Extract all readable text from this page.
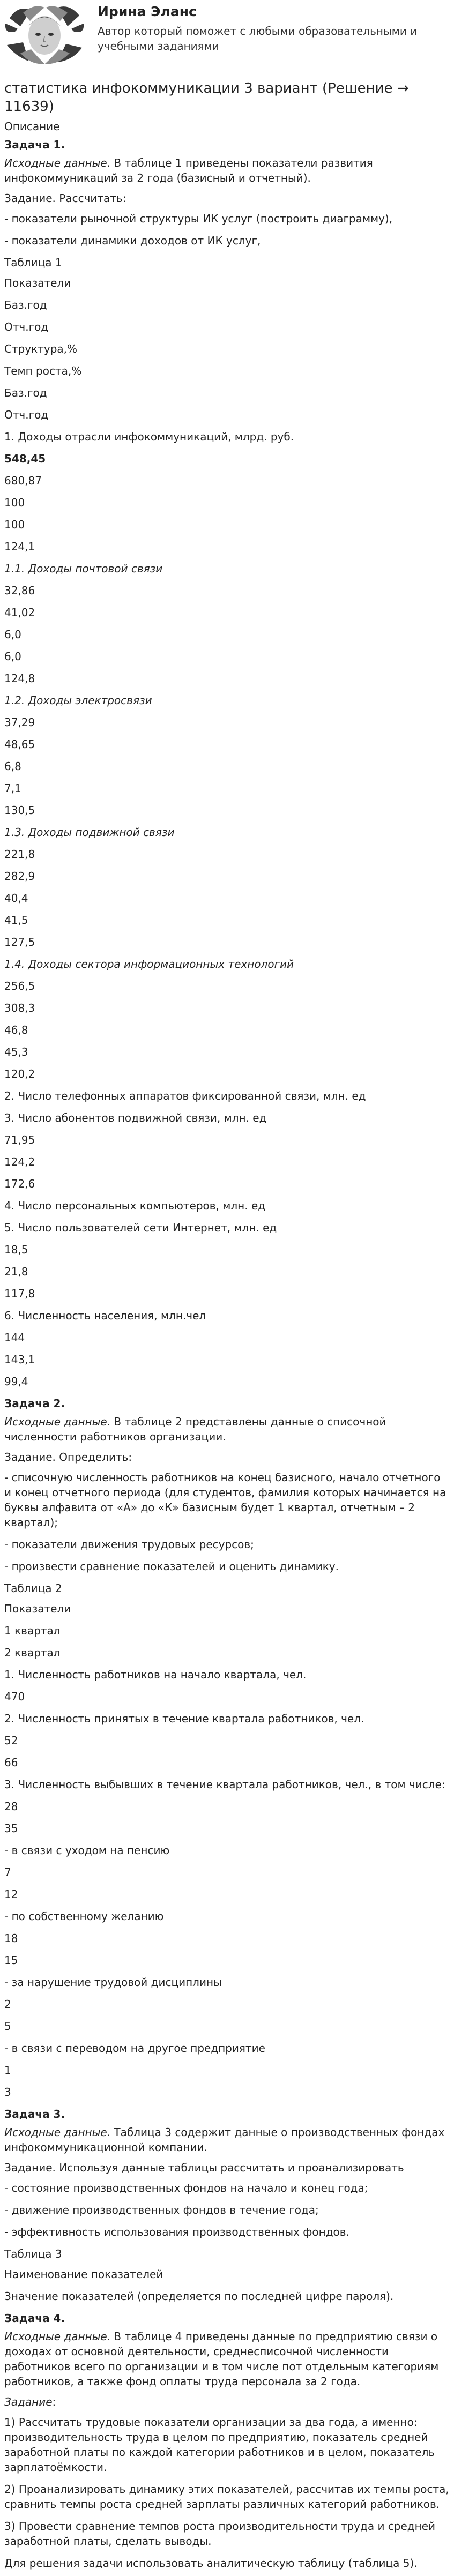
Ирина Эланс
Автор который поможет с любыми образовательными и учебными заданиями
статистика инфокоммуникации 3 вариант (Решение → 11639)
Описание
Задача 1.

Исходные данные. В таблице 1 приведены показатели развития инфокоммуникаций за 2 года (базисный и отчетный).

Задание. Рассчитать:

- показатели рыночной структуры ИК услуг (построить диаграмму),

- показатели динамики доходов от ИК услуг,

Таблица 1

Показатели

Баз.год

Отч.год

Структура,%

Темп роста,%

Баз.год

Отч.год

1. Доходы отрасли инфокоммуникаций, млрд. руб.

548,45

680,87

100

100

124,1

1.1. Доходы почтовой связи

32,86

41,02

6,0

6,0

124,8

1.2. Доходы электросвязи

37,29

48,65

6,8

7,1

130,5

1.3. Доходы подвижной связи

221,8

282,9

40,4

41,5

127,5

1.4. Доходы сектора информационных технологий

256,5

308,3

46,8

45,3

120,2

2. Число телефонных аппаратов фиксированной связи, млн. ед

3. Число абонентов подвижной связи, млн. ед

71,95

124,2

172,6

4. Число персональных компьютеров, млн. ед

5. Число пользователей сети Интернет, млн. ед

18,5

21,8

117,8

6. Численность населения, млн.чел

144

143,1

99,4

Задача 2.

Исходные данные. В таблице 2 представлены данные о списочной численности работников организации.

Задание. Определить:

- списочную численность работников на конец базисного, начало отчетного и конец отчетного периода (для студентов, фамилия которых начинается на буквы алфавита от «А» до «К» базисным будет 1 квартал, отчетным – 2 квартал);

- показатели движения трудовых ресурсов;

- произвести сравнение показателей и оценить динамику.

Таблица 2

Показатели

1 квартал

2 квартал

1. Численность работников на начало квартала, чел.

470

2. Численность принятых в течение квартала работников, чел.

52

66

3. Численность выбывших в течение квартала работников, чел., в том числе:

28

35

- в связи с уходом на пенсию

7

12

- по собственному желанию

18

15

- за нарушение трудовой дисциплины

2

5

- в связи с переводом на другое предприятие

1

3

Задача 3.

Исходные данные. Таблица 3 содержит данные о производственных фондах инфокоммуникационной компании.

Задание. Используя данные таблицы рассчитать и проанализировать

- состояние производственных фондов на начало и конец года;

- движение производственных фондов в течение года;

- эффективность использования производственных фондов.

Таблица 3

Наименование показателей

Значение показателей (определяется по последней цифре пароля).

Задача 4.

Исходные данные. В таблице 4 приведены данные по предприятию связи о доходах от основной деятельности, среднесписочной численности работников всего по организации и в том числе пот отдельным категориям работников, а также фонд оплаты труда персонала за 2 года.

Задание:

1) Рассчитать трудовые показатели организации за два года, а именно: производительность труда в целом по предприятию, показатель средней заработной платы по каждой категории работников и в целом, показатель зарплатоёмкости.

2) Проанализировать динамику этих показателей, рассчитав их темпы роста, сравнить темпы роста средней зарплаты различных категорий работников.

3) Провести сравнение темпов роста производительности труда и средней заработной платы, сделать выводы.

Для решения задачи использовать аналитическую таблицу (таблица 5).
